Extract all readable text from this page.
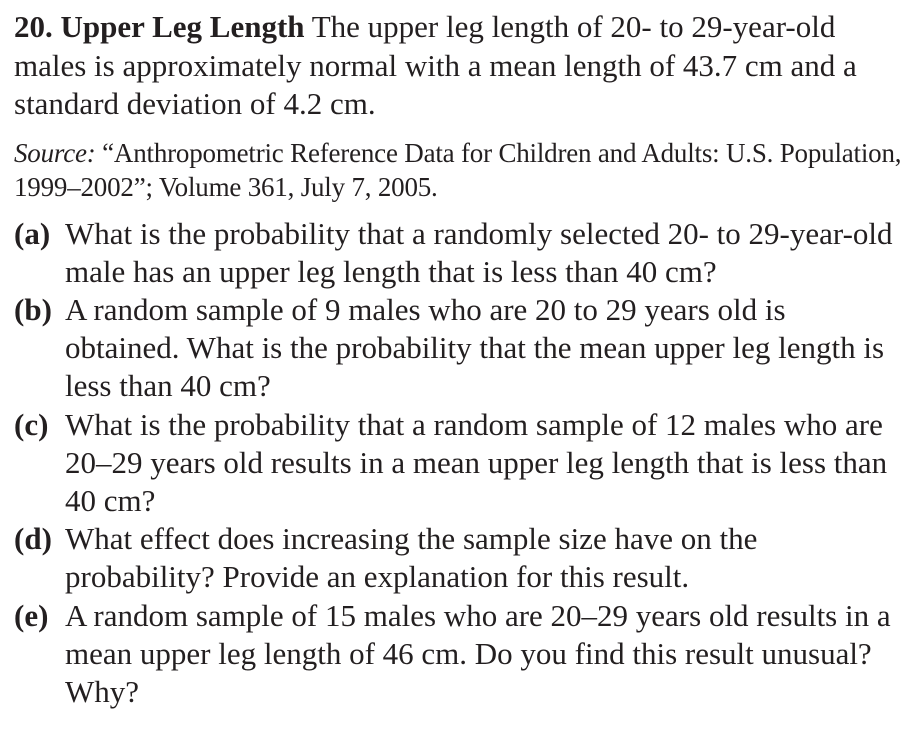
20. Upper Leg Length The upper leg length of 20- to 29-year-old males is approximately normal with a mean length of 43.7 cm and a standard deviation of 4.2 cm.

Source: “Anthropometric Reference Data for Children and Adults: U.S. Population, 1999–2002”; Volume 361, July 7, 2005.

(a) What is the probability that a randomly selected 20- to 29-year-old male has an upper leg length that is less than 40 cm?

(b) A random sample of 9 males who are 20 to 29 years old is obtained. What is the probability that the mean upper leg length is less than 40 cm?

(c) What is the probability that a random sample of 12 males who are 20–29 years old results in a mean upper leg length that is less than 40 cm?

(d) What effect does increasing the sample size have on the probability? Provide an explanation for this result.

(e) A random sample of 15 males who are 20–29 years old results in a mean upper leg length of 46 cm. Do you find this result unusual? Why?
